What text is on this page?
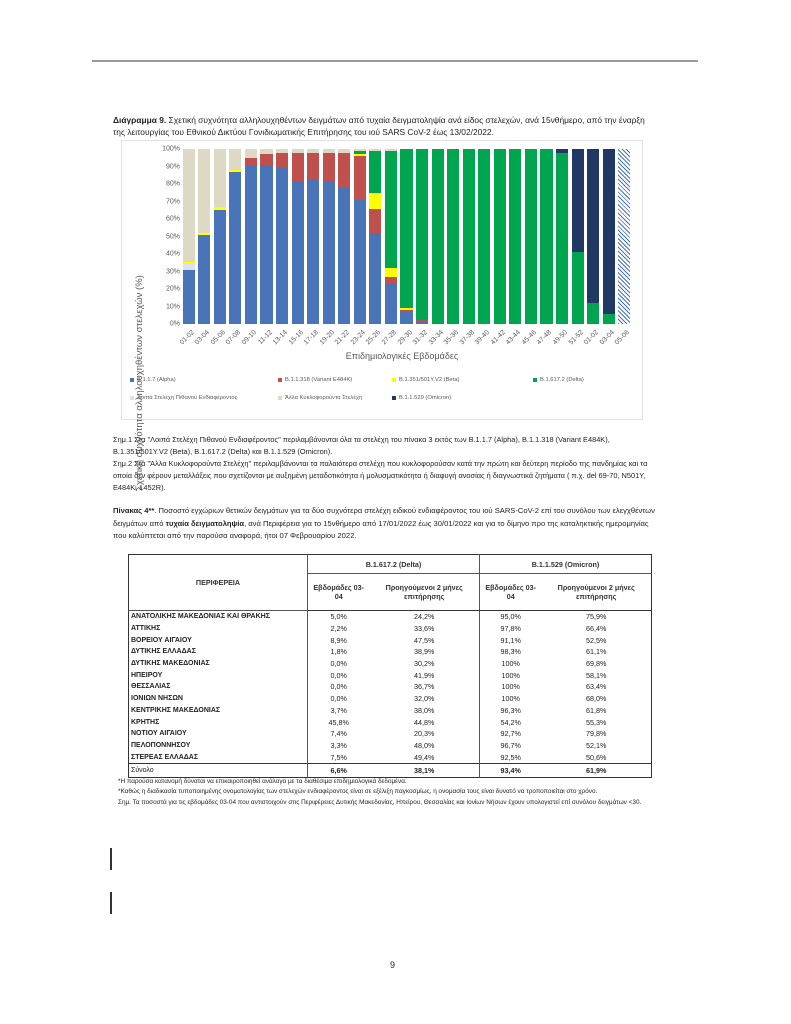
Διάγραμμα 9. Σχετική συχνότητα αλληλουχηθέντων δειγμάτων από τυχαία δειγματοληψία ανά είδος στελεχών, ανά 15νθήμερο, από την έναρξη της λειτουργίας του Εθνικού Δικτύου Γονιδιωματικής Επιτήρησης του ιού SARS CoV-2 έως 13/02/2022.
Σχετική συχνότητα αλληλουχηθέντων στελεχών (%)	0%
10%
20%
30%
40%
50%
60%
70%
80%
90%
100%
01-02
03-04
05-06
07-08
09-10
11-12
13-14
15-16
17-18
19-20
21-22
23-24
25-26
27-28
29-30
31-32
33-34
35-36
37-38
39-40
41-42
43-44
45-46
47-48
49-50
51-52
01-02
03-04
05-06
Επιδημιολογικές Εβδομάδες
B.1.1.7 (Alpha)	B.1.1.318 (Variant E484K)	B.1.351/501Y.V2 (Beta)	B.1.617.2 (Delta)
Λοιπά Στελέχη Πιθανού Ενδιαφέροντος	Άλλα Κυκλοφορούντα Στελέχη	B.1.1.529 (Omicron)
Σημ.1 Στα "Λοιπά Στελέχη Πιθανού Ενδιαφέροντος" περιλαμβάνονται όλα τα στελέχη του πίνακα 3 εκτός των B.1.1.7 (Alpha), B.1.1.318 (Variant E484K), B.1.351/501Y.V2 (Beta), B.1.617.2 (Delta) και B.1.1.529 (Omicron).
Σημ.2 Στα "Άλλα Κυκλοφορούντα Στελέχη" περιλαμβάνονται τα παλαιότερα στελέχη που κυκλοφορούσαν κατά την πρώτη και δεύτερη περίοδο της πανδημίας και τα οποία δεν φέρουν μεταλλάξεις που σχετίζονται με αυξημένη μεταδοτικότητα ή μολυσματικότητα ή διαφυγή ανοσίας ή διαγνωστικά ζητήματα ( π.χ. del 69-70, N501Y, E484K, L452R).
Πίνακας 4**. Ποσοστό εγχώριων θετικών δειγμάτων για τα δύο συχνότερα στελέχη ειδικού ενδιαφέροντος του ιού SARS-CoV-2 επί του συνόλου των ελεγχθέντων δειγμάτων από τυχαία δειγματοληψία, ανά Περιφέρεια για το 15νθήμερο από 17/01/2022 έως 30/01/2022 και για το δίμηνο προ της καταληκτικής ημερομηνίας που καλύπτεται από την παρούσα αναφορά, ήτοι 07 Φεβρουαρίου 2022.
ΠΕΡΙΦΕΡΕΙΑ	B.1.617.2 (Delta)		B.1.1.529 (Omicron)	
	Εβδομάδες 03-04	Προηγούμενοι 2 μήνες επιτήρησης	Εβδομάδες 03-04	Προηγούμενοι 2 μήνες επιτήρησης
ΑΝΑΤΟΛΙΚΗΣ ΜΑΚΕΔΟΝΙΑΣ ΚΑΙ ΘΡΑΚΗΣ	5,0%	24,2%	95,0%	75,9%
ΑΤΤΙΚΗΣ	2,2%	33,6%	97,8%	66,4%
ΒΟΡΕΙΟΥ ΑΙΓΑΙΟΥ	8,9%	47,5%	91,1%	52,5%
ΔΥΤΙΚΗΣ ΕΛΛΑΔΑΣ	1,8%	38,9%	98,3%	61,1%
ΔΥΤΙΚΗΣ ΜΑΚΕΔΟΝΙΑΣ	0,0%	30,2%	100%	69,8%
ΗΠΕΙΡΟΥ	0,0%	41,9%	100%	58,1%
ΘΕΣΣΑΛΙΑΣ	0,0%	36,7%	100%	63,4%
ΙΟΝΙΩΝ ΝΗΣΩΝ	0,0%	32,0%	100%	68,0%
ΚΕΝΤΡΙΚΗΣ ΜΑΚΕΔΟΝΙΑΣ	3,7%	38,0%	96,3%	61,8%
ΚΡΗΤΗΣ	45,8%	44,8%	54,2%	55,3%
ΝΟΤΙΟΥ ΑΙΓΑΙΟΥ	7,4%	20,3%	92,7%	79,8%
ΠΕΛΟΠΟΝΝΗΣΟΥ	3,3%	48,0%	96,7%	52,1%
ΣΤΕΡΕΑΣ ΕΛΛΑΔΑΣ	7,5%	49,4%	92,5%	50,6%
Σύνολο	6,6%	38,1%	93,4%	61,9%

*Η παρούσα κατανομή δύναται να επικαιροποιηθεί ανάλογα με τα διαθέσιμα επιδημιολογικά δεδομένα.

*Καθώς η διαδικασία τυποποιημένης ονοματολογίας των στελεχών ενδιαφέροντος είναι σε εξέλιξη παγκοσμίως, η ονομασία τους είναι δυνατό να τροποποιείται στο χρόνο.

Σημ. Τα ποσοστά για τις εβδομάδες 03-04 που αντιστοιχούν στις Περιφέρειες Δυτικής Μακεδονίας, Ηπείρου, Θεσσαλίας και Ιονίων Νήσων έχουν υπολογιστεί επί συνόλου δειγμάτων <30.

9
